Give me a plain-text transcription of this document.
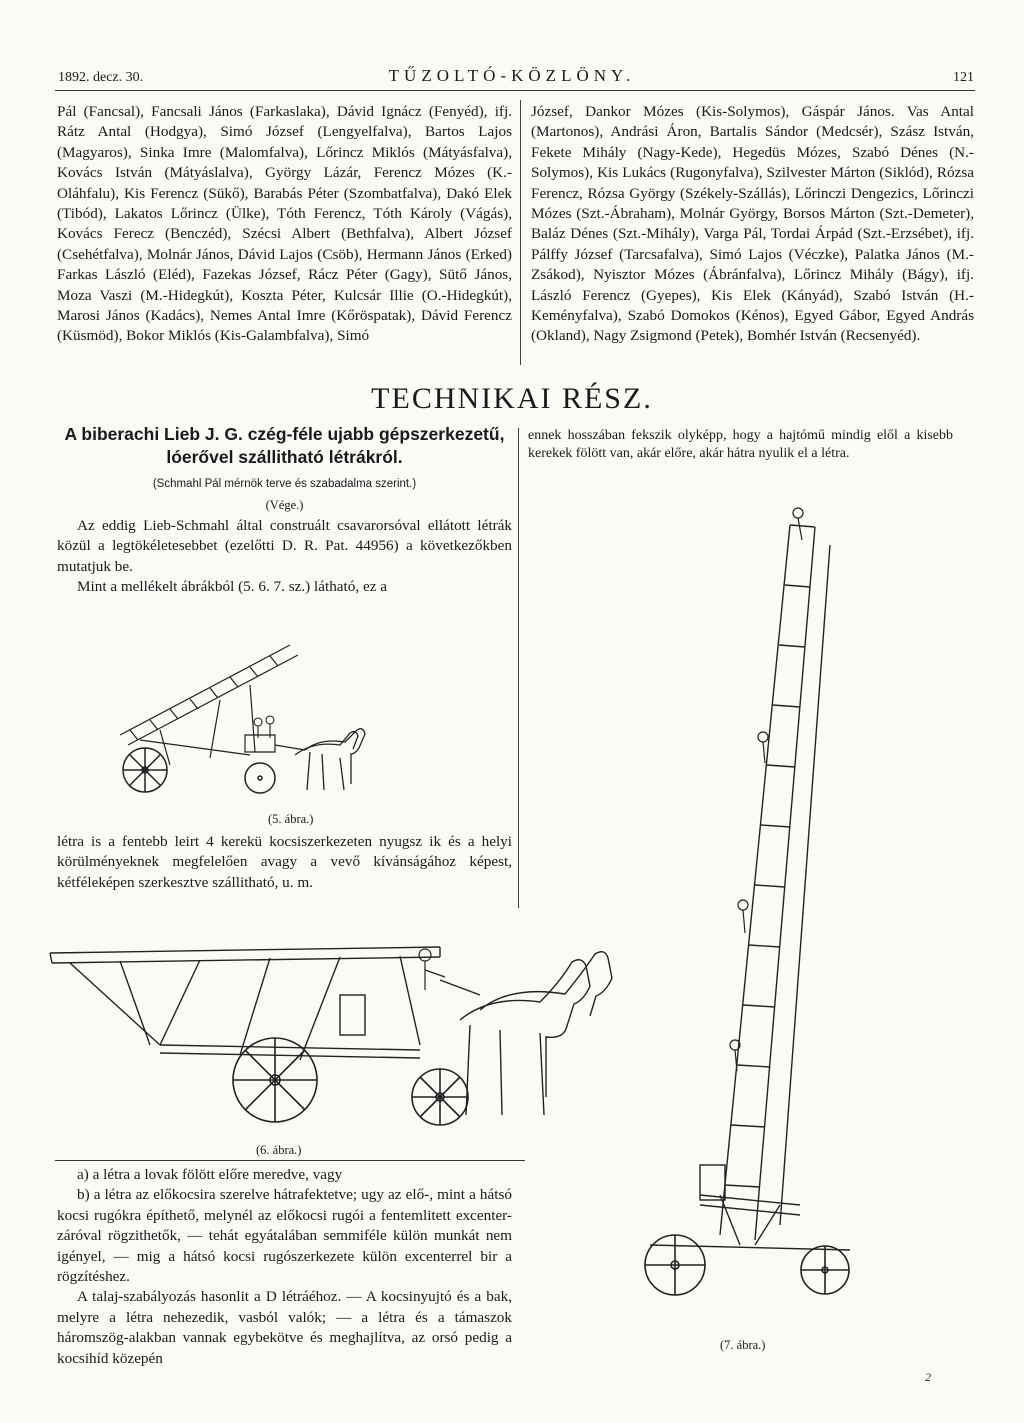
1892. decz. 30.	TŰZOLTÓ-KÖZLÖNY.	121

Pál (Fancsal), Fancsali János (Farkaslaka), Dávid Ignácz (Fenyéd), ifj. Rátz Antal (Hodgya), Simó József (Lengyelfalva), Bartos Lajos (Magyaros), Sinka Imre (Malomfalva), Lőrincz Miklós (Mátyásfalva), Kovács István (Mátyáslalva), György Lázár, Ferencz Mózes (K.-Oláhfalu), Kis Ferencz (Sükő), Barabás Péter (Szombatfalva), Dakó Elek (Tibód), Lakatos Lőrincz (Ülke), Tóth Ferencz, Tóth Károly (Vágás), Kovács Ferecz (Benczéd), Szécsi Albert (Bethfalva), Albert József (Csehétfalva), Molnár János, Dávid Lajos (Csöb), Hermann János (Erked) Farkas László (Eléd), Fazekas József, Rácz Péter (Gagy), Sütő János, Moza Vaszi (M.-Hidegkút), Koszta Péter, Kulcsár Illie (O.-Hidegkút), Marosi János (Kadács), Nemes Antal Imre (Kőröspatak), Dávid Ferencz (Küsmöd), Bokor Miklós (Kis-Galambfalva), Simó

József, Dankor Mózes (Kis-Solymos), Gáspár János. Vas Antal (Martonos), Andrási Áron, Bartalis Sándor (Medcsér), Szász István, Fekete Mihály (Nagy-Kede), Hegedüs Mózes, Szabó Dénes (N.-Solymos), Kis Lukács (Rugonyfalva), Szilvester Márton (Siklód), Rózsa Ferencz, Rózsa György (Székely-Szállás), Lőrinczi Dengezics, Lőrinczi Mózes (Szt.-Ábraham), Molnár György, Borsos Márton (Szt.-Demeter), Baláz Dénes (Szt.-Mihály), Varga Pál, Tordai Árpád (Szt.-Erzsébet), ifj. Pálffy József (Tarcsafalva), Simó Lajos (Véczke), Palatka János (M.-Zsákod), Nyisztor Mózes (Ábránfalva), Lőrincz Mihály (Bágy), ifj. László Ferencz (Gyepes), Kis Elek (Kányád), Szabó István (H.-Keményfalva), Szabó Domokos (Kénos), Egyed Gábor, Egyed András (Okland), Nagy Zsigmond (Petek), Bomhér István (Recsenyéd).

TECHNIKAI RÉSZ.
A biberachi Lieb J. G. czég-féle ujabb gépszerkezetű, lóerővel szállitható létrákról.
(Schmahl Pál mérnök terve és szabadalma szerint.)
(Vége.)

Az eddig Lieb-Schmahl által construált csavarorsóval ellátott létrák közül a legtökéletesebbet (ezelőtti D. R. Pat. 44956) a következőkben mutatjuk be.

Mint a mellékelt ábrákból (5. 6. 7. sz.) látható, ez a

ennek hosszában fekszik olyképp, hogy a hajtómű mindig elől a kisebb kerekek fölött van, akár előre, akár hátra nyulik el a létra.

(5. ábra.)

létra is a fentebb leirt 4 kerekü kocsiszerkezeten nyugsz ik és a helyi körülményeknek megfelelően avagy a vevő kívánságához képest, kétféleképen szerkesztve szállitható, u. m.

(6. ábra.)

a) a létra a lovak fölött előre meredve, vagy

b) a létra az előkocsira szerelve hátrafektetve; ugy az elő-, mint a hátsó kocsi rugókra építhető, melynél az előkocsi rugói a fentemlitett excenter-záróval rögzithetők, — tehát egyátalában semmiféle külön munkát nem igényel, — mig a hátsó kocsi rugószerkezete külön excenterrel bir a rögzítéshez.

A talaj-szabályozás hasonlit a D létráéhoz. — A kocsinyujtó és a bak, melyre a létra nehezedik, vasból valók; — a létra és a támaszok háromszög-alakban vannak egybekötve és meghajlítva, az orsó pedig a kocsihíd közepén

(7. ábra.)
2
